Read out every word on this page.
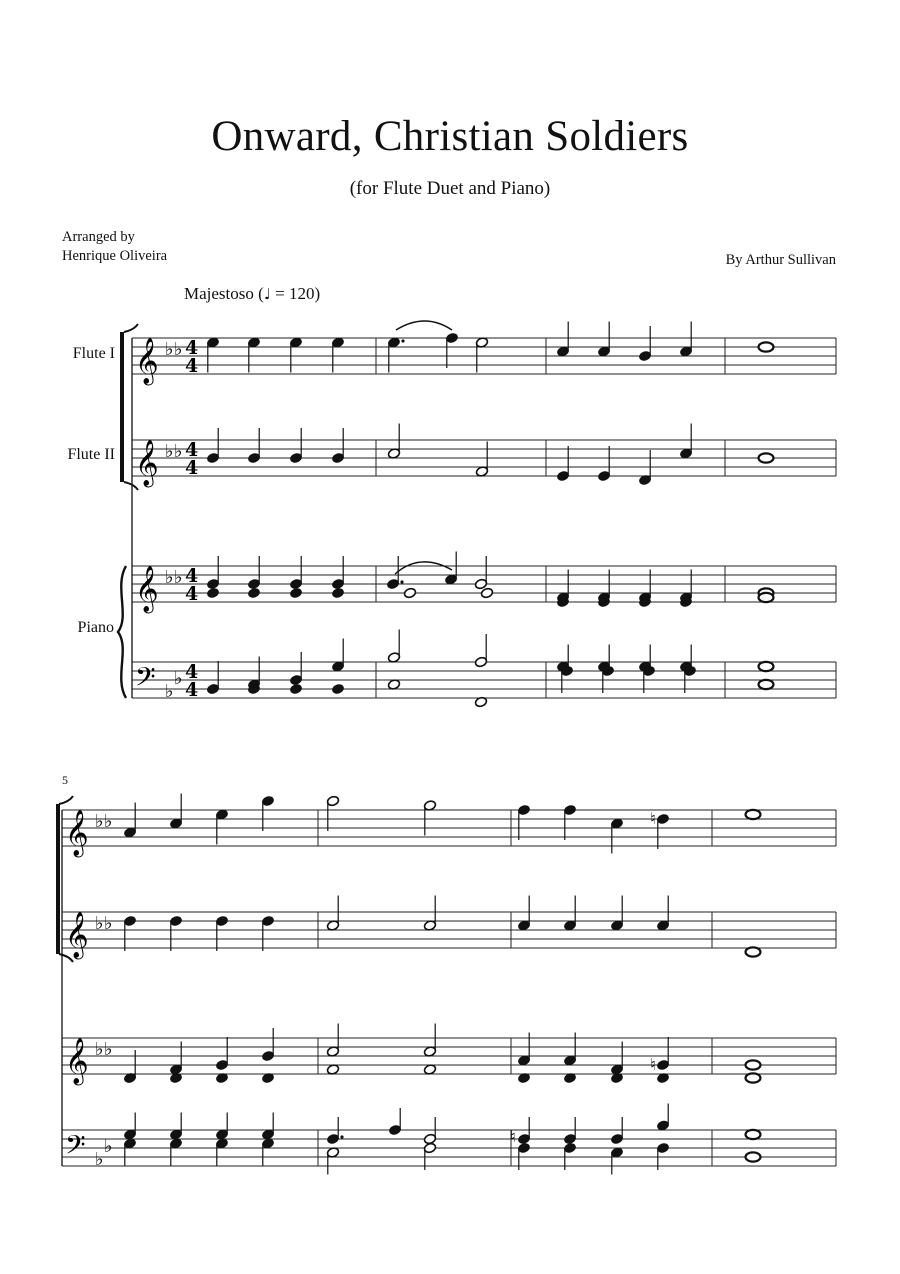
Onward, Christian Soldiers
(for Flute Duet and Piano)
Arranged by
Henrique Oliveira	By Arthur Sullivan
Majestoso (♩ = 120)
Flute I
Flute II
Piano
5
𝄞 ♭ ♭ 4
4
𝄞 ♭ ♭ 4
4
𝄞 ♭ ♭ 4
4
𝄢 ♭
♭ 4
4
𝄞 ♭ ♭
𝄞 ♭ ♭
𝄞 ♭ ♭
𝄢 ♭
♭
♮
♮
♮
